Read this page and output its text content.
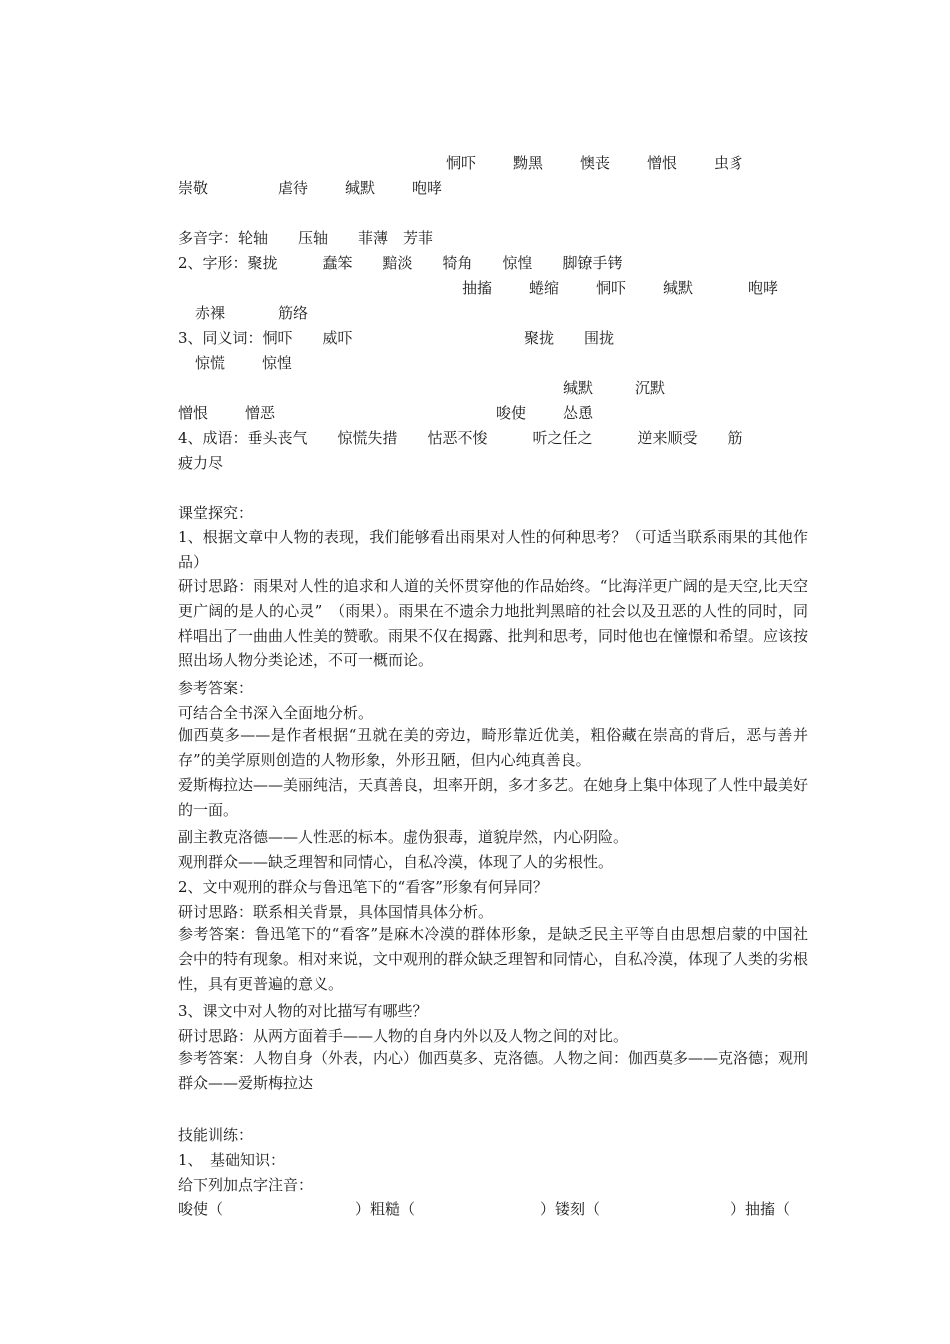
恫吓 黝黑 懊丧 憎恨 虫豸
崇敬	虐待 缄默 咆哮
多音字：轮轴　　压轴　　菲薄　芳菲
2、字形：聚拢　　　蠢笨　　黯淡　　犄角　　惊惶　　脚镣手铐
抽搐 蜷缩 恫吓 缄默	咆哮
赤裸	筋络
3、同义词：恫吓　　威吓	聚拢　　围拢
惊慌 惊惶
缄默	沉默
憎恨 憎恶	唆使 怂恿
4、成语：垂头丧气　　惊慌失措　　怙恶不悛　　　听之任之　　　逆来顺受　　筋
疲力尽
课堂探究：
1、根据文章中人物的表现，我们能够看出雨果对人性的何种思考？（可适当联系雨果的其他作品）
研讨思路：雨果对人性的追求和人道的关怀贯穿他的作品始终。“比海洋更广阔的是天空,比天空更广阔的是人的心灵”　（雨果）。雨果在不遗余力地批判黑暗的社会以及丑恶的人性的同时，同样唱出了一曲曲人性美的赞歌。雨果不仅在揭露、批判和思考，同时他也在憧憬和希望。应该按照出场人物分类论述，不可一概而论。
参考答案：
可结合全书深入全面地分析。
伽西莫多——是作者根据“丑就在美的旁边，畸形靠近优美，粗俗藏在崇高的背后，恶与善并存”的美学原则创造的人物形象，外形丑陋，但内心纯真善良。
爱斯梅拉达——美丽纯洁，天真善良，坦率开朗，多才多艺。在她身上集中体现了人性中最美好的一面。
副主教克洛德——人性恶的标本。虚伪狠毒，道貌岸然，内心阴险。
观刑群众——缺乏理智和同情心，自私冷漠，体现了人的劣根性。
2、文中观刑的群众与鲁迅笔下的“看客”形象有何异同？
研讨思路：联系相关背景，具体国情具体分析。
参考答案：鲁迅笔下的“看客”是麻木冷漠的群体形象，是缺乏民主平等自由思想启蒙的中国社会中的特有现象。相对来说，文中观刑的群众缺乏理智和同情心，自私冷漠，体现了人类的劣根性，具有更普遍的意义。
3、课文中对人物的对比描写有哪些？
研讨思路：从两方面着手——人物的自身内外以及人物之间的对比。
参考答案：人物自身（外表，内心）伽西莫多、克洛德。人物之间：伽西莫多——克洛德；观刑群众——爱斯梅拉达
技能训练：
1、　基础知识：
给下列加点字注音：
唆使（	）粗糙（	）镂刻（	）抽搐（
